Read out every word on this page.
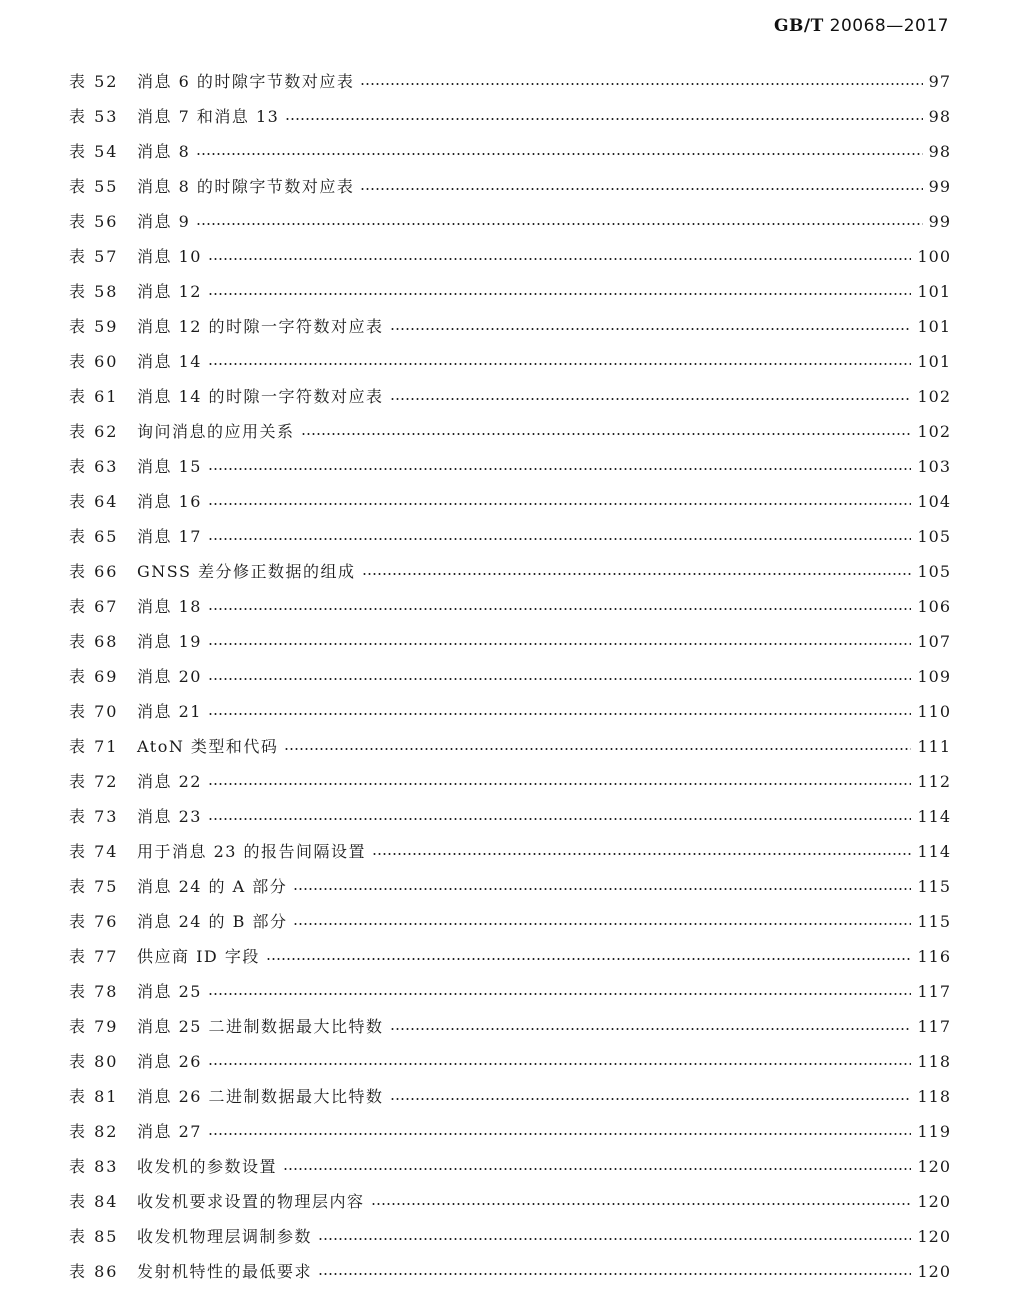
GB/T 20068—2017
表 52	消息 6 的时隙字节数对应表	97
表 53	消息 7 和消息 13	98
表 54	消息 8	98
表 55	消息 8 的时隙字节数对应表	99
表 56	消息 9	99
表 57	消息 10	100
表 58	消息 12	101
表 59	消息 12 的时隙一字符数对应表	101
表 60	消息 14	101
表 61	消息 14 的时隙一字符数对应表	102
表 62	询问消息的应用关系	102
表 63	消息 15	103
表 64	消息 16	104
表 65	消息 17	105
表 66	GNSS 差分修正数据的组成	105
表 67	消息 18	106
表 68	消息 19	107
表 69	消息 20	109
表 70	消息 21	110
表 71	AtoN 类型和代码	111
表 72	消息 22	112
表 73	消息 23	114
表 74	用于消息 23 的报告间隔设置	114
表 75	消息 24 的 A 部分	115
表 76	消息 24 的 B 部分	115
表 77	供应商 ID 字段	116
表 78	消息 25	117
表 79	消息 25 二进制数据最大比特数	117
表 80	消息 26	118
表 81	消息 26 二进制数据最大比特数	118
表 82	消息 27	119
表 83	收发机的参数设置	120
表 84	收发机要求设置的物理层内容	120
表 85	收发机物理层调制参数	120
表 86	发射机特性的最低要求	120
